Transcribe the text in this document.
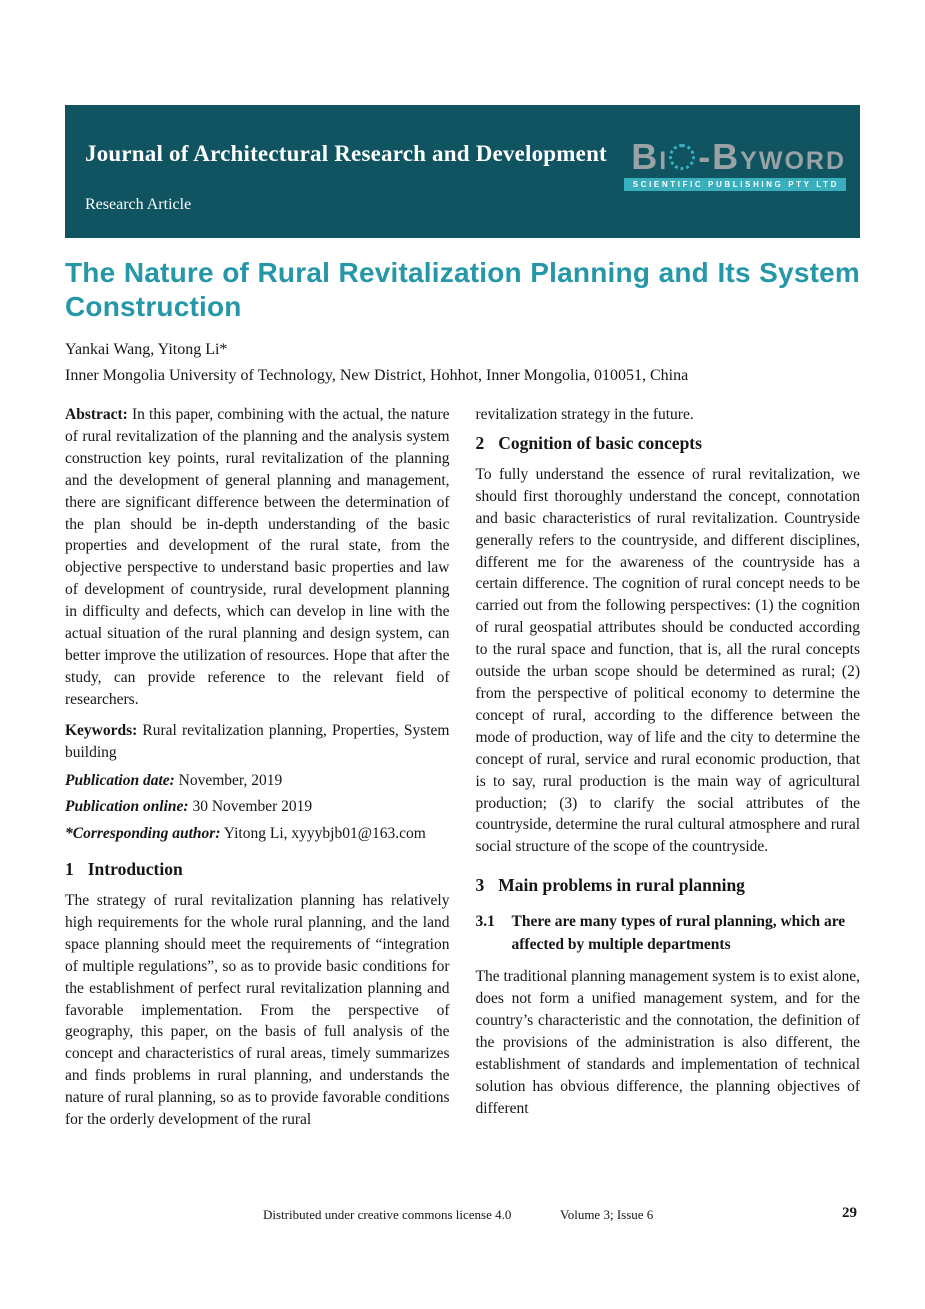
Journal of Architectural Research and Development
Research Article
Bi -Byword
SCIENTIFIC PUBLISHING PTY LTD
The Nature of Rural Revitalization Planning and Its System Construction
Yankai Wang, Yitong Li*
Inner Mongolia University of Technology, New District, Hohhot, Inner Mongolia, 010051, China

Abstract: In this paper, combining with the actual, the nature of rural revitalization of the planning and the analysis system construction key points, rural revitalization of the planning and the development of general planning and management, there are significant difference between the determination of the plan should be in-depth understanding of the basic properties and development of the rural state, from the objective perspective to understand basic properties and law of development of countryside, rural development planning in difficulty and defects, which can develop in line with the actual situation of the rural planning and design system, can better improve the utilization of resources. Hope that after the study, can provide reference to the relevant field of researchers.

Keywords: Rural revitalization planning, Properties, System building

Publication date: November, 2019

Publication online: 30 November 2019

*Corresponding author: Yitong Li, xyyybjb01@163.com

1 Introduction

The strategy of rural revitalization planning has relatively high requirements for the whole rural planning, and the land space planning should meet the requirements of “integration of multiple regulations”, so as to provide basic conditions for the establishment of perfect rural revitalization planning and favorable implementation. From the perspective of geography, this paper, on the basis of full analysis of the concept and characteristics of rural areas, timely summarizes and finds problems in rural planning, and understands the nature of rural planning, so as to provide favorable conditions for the orderly development of the rural

revitalization strategy in the future.

2 Cognition of basic concepts

To fully understand the essence of rural revitalization, we should first thoroughly understand the concept, connotation and basic characteristics of rural revitalization. Countryside generally refers to the countryside, and different disciplines, different me for the awareness of the countryside has a certain difference. The cognition of rural concept needs to be carried out from the following perspectives: (1) the cognition of rural geospatial attributes should be conducted according to the rural space and function, that is, all the rural concepts outside the urban scope should be determined as rural; (2) from the perspective of political economy to determine the concept of rural, according to the difference between the mode of production, way of life and the city to determine the concept of rural, service and rural economic production, that is to say, rural production is the main way of agricultural production; (3) to clarify the social attributes of the countryside, determine the rural cultural atmosphere and rural social structure of the scope of the countryside.

3 Main problems in rural planning
3.1 There are many types of rural planning, which are affected by multiple departments

The traditional planning management system is to exist alone, does not form a unified management system, and for the country’s characteristic and the connotation, the definition of the provisions of the administration is also different, the establishment of standards and implementation of technical solution has obvious difference, the planning objectives of different

Distributed under creative commons license 4.0	Volume 3; Issue 6	29
